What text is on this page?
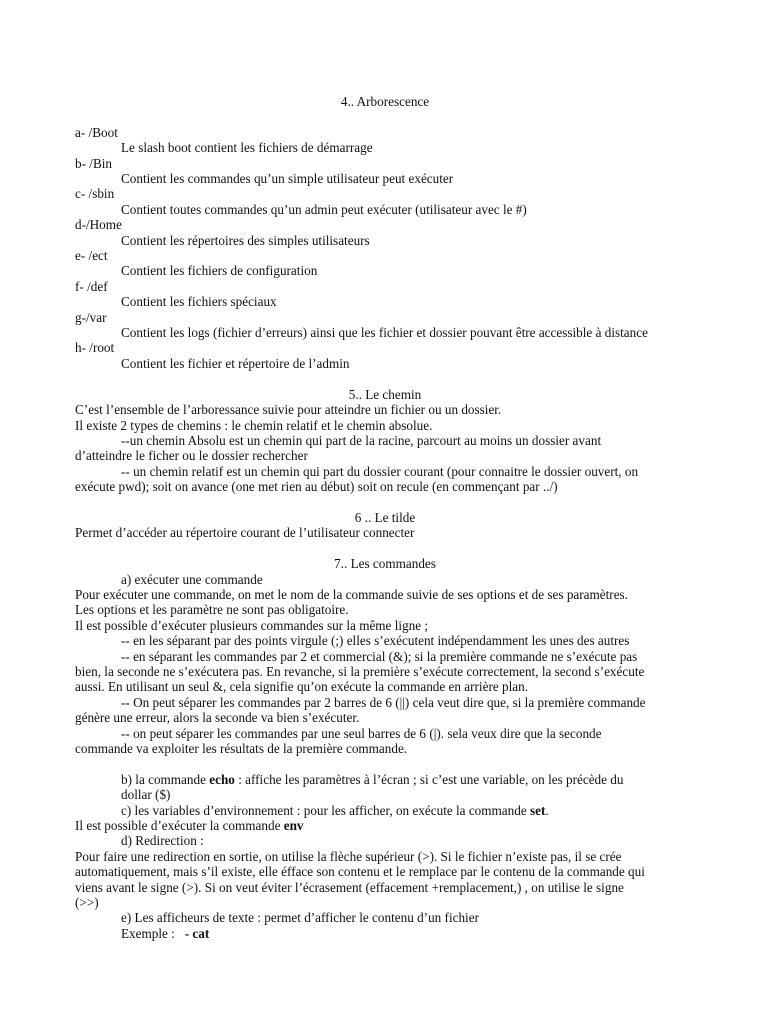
4.. Arborescence
a- /Boot
Le slash boot contient les fichiers de démarrage
b- /Bin
Contient les commandes qu’un simple utilisateur peut exécuter
c- /sbin
Contient toutes commandes qu’un admin peut exécuter (utilisateur avec le #)
d-/Home
Contient les répertoires des simples utilisateurs
e- /ect
Contient les fichiers de configuration
f- /def
Contient les fichiers spéciaux
g-/var
Contient les logs (fichier d’erreurs) ainsi que les fichier et dossier pouvant être accessible à distance
h- /root
Contient les fichier et répertoire de l’admin
5.. Le chemin
C’est l’ensemble de l’arboressance suivie pour atteindre un fichier ou un dossier.
Il existe 2 types de chemins : le chemin relatif et le chemin absolue.
--un chemin Absolu est un chemin qui part de la racine, parcourt au moins un dossier avant
d’atteindre le ficher ou le dossier rechercher
-- un chemin relatif est un chemin qui part du dossier courant (pour connaitre le dossier ouvert, on
exécute pwd); soit on avance (one met rien au début) soit on recule (en commençant par ../)
6 .. Le tilde
Permet d’accéder au répertoire courant de l’utilisateur connecter
7.. Les commandes
a) exécuter une commande
Pour exécuter une commande, on met le nom de la commande suivie de ses options et de ses paramètres.
Les options et les paramètre ne sont pas obligatoire.
Il est possible d’exécuter plusieurs commandes sur la même ligne ;
-- en les séparant par des points virgule (;) elles s’exécutent indépendamment les unes des autres
-- en séparant les commandes par 2 et commercial (&); si la première commande ne s’exécute pas
bien, la seconde ne s’exécutera pas. En revanche, si la première s’exécute correctement, la second s’exécute
aussi. En utilisant un seul &, cela signifie qu’on exécute la commande en arrière plan.
-- On peut séparer les commandes par 2 barres de 6 (||) cela veut dire que, si la première commande
génère une erreur, alors la seconde va bien s’exécuter.
-- on peut séparer les commandes par une seul barres de 6 (|). sela veux dire que la seconde
commande va exploiter les résultats de la première commande.
b) la commande echo : affiche les paramètres à l’écran ; si c’est une variable, on les précède du
dollar ($)
c) les variables d’environnement : pour les afficher, on exécute la commande set.
Il est possible d’exécuter la commande env
d) Redirection :
Pour faire une redirection en sortie, on utilise la flèche supérieur (>). Si le fichier n’existe pas, il se crée
automatiquement, mais s’il existe, elle éfface son contenu et le remplace par le contenu de la commande qui
viens avant le signe (>). Si on veut éviter l’écrasement (effacement +remplacement,) , on utilise le signe
(>>)
e) Les afficheurs de texte : permet d’afficher le contenu d’un fichier
Exemple :   - cat
